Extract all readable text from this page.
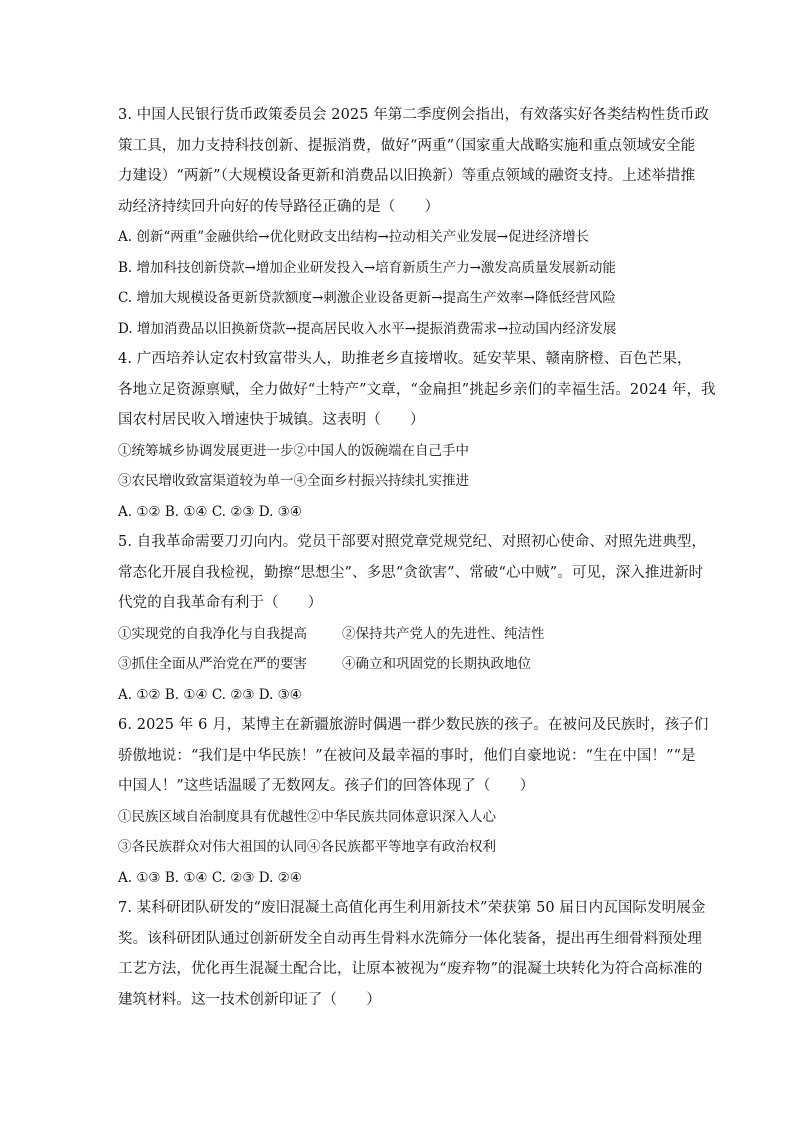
3. 中国人民银行货币政策委员会 2025 年第二季度例会指出，有效落实好各类结构性货币政
策工具，加力支持科技创新、提振消费，做好“两重”（国家重大战略实施和重点领域安全能
力建设）“两新”（大规模设备更新和消费品以旧换新）等重点领域的融资支持。上述举措推
动经济持续回升向好的传导路径正确的是（　　）
A. 创新“两重”金融供给→优化财政支出结构→拉动相关产业发展→促进经济增长
B. 增加科技创新贷款→增加企业研发投入→培育新质生产力→激发高质量发展新动能
C. 增加大规模设备更新贷款额度→刺激企业设备更新→提高生产效率→降低经营风险
D. 增加消费品以旧换新贷款→提高居民收入水平→提振消费需求→拉动国内经济发展
4. 广西培养认定农村致富带头人，助推老乡直接增收。延安苹果、赣南脐橙、百色芒果，
各地立足资源禀赋，全力做好“土特产”文章，“金扁担”挑起乡亲们的幸福生活。2024 年，我
国农村居民收入增速快于城镇。这表明（　　）
①统筹城乡协调发展更进一步②中国人的饭碗端在自己手中
③农民增收致富渠道较为单一④全面乡村振兴持续扎实推进
A. ①② B. ①④ C. ②③ D. ③④
5. 自我革命需要刀刃向内。党员干部要对照党章党规党纪、对照初心使命、对照先进典型，
常态化开展自我检视，勤擦“思想尘”、多思“贪欲害”、常破“心中贼”。可见，深入推进新时
代党的自我革命有利于（　　）
①实现党的自我净化与自我提高	②保持共产党人的先进性、纯洁性
③抓住全面从严治党在严的要害	④确立和巩固党的长期执政地位
A. ①② B. ①④ C. ②③ D. ③④
6. 2025 年 6 月，某博主在新疆旅游时偶遇一群少数民族的孩子。在被问及民族时，孩子们
骄傲地说：“我们是中华民族！”在被问及最幸福的事时，他们自豪地说：“生在中国！”“是
中国人！”这些话温暖了无数网友。孩子们的回答体现了（　　）
①民族区域自治制度具有优越性②中华民族共同体意识深入人心
③各民族群众对伟大祖国的认同④各民族都平等地享有政治权利
A. ①③ B. ①④ C. ②③ D. ②④
7. 某科研团队研发的“废旧混凝土高值化再生利用新技术”荣获第 50 届日内瓦国际发明展金
奖。该科研团队通过创新研发全自动再生骨料水洗筛分一体化装备，提出再生细骨料预处理
工艺方法，优化再生混凝土配合比，让原本被视为“废弃物”的混凝土块转化为符合高标准的
建筑材料。这一技术创新印证了（　　）
